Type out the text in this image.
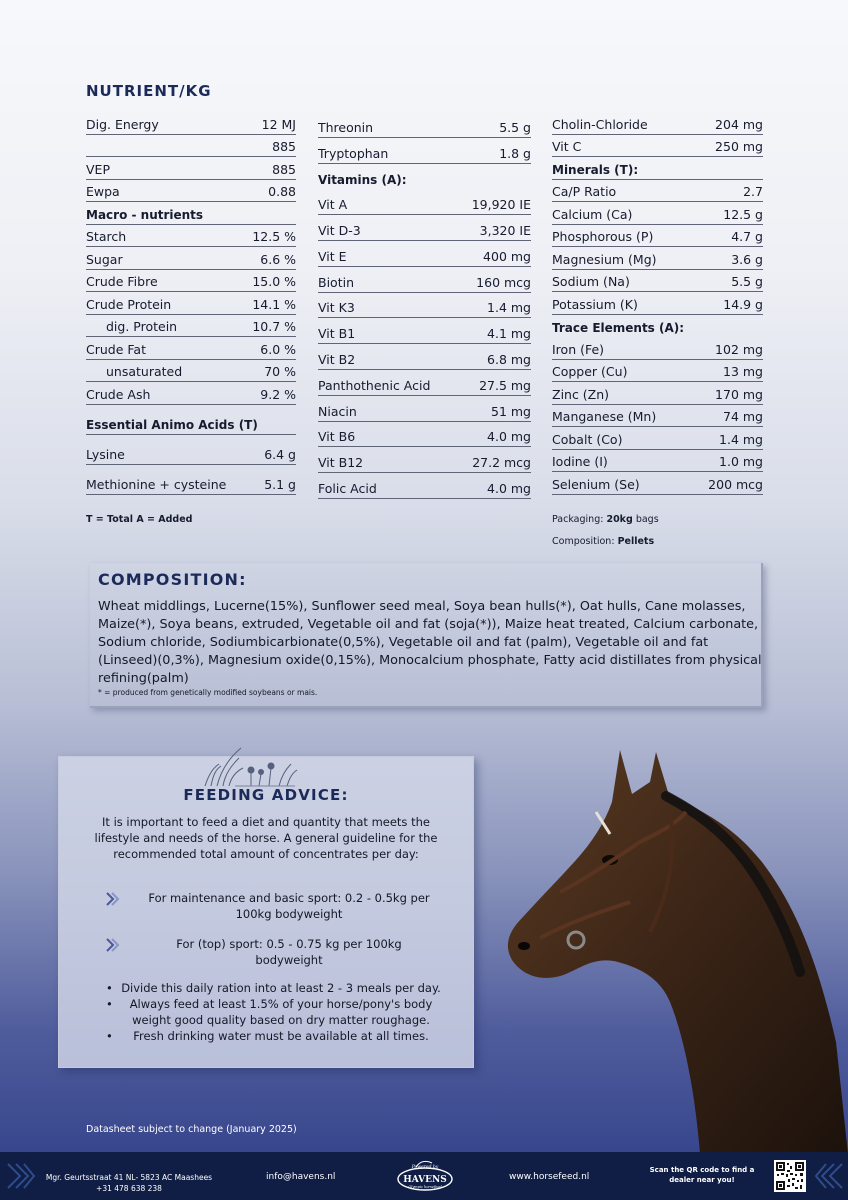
NUTRIENT/KG
Dig. Energy	12 MJ
885
VEP	885
Ewpa	0.88
Macro - nutrients
Starch	12.5 %
Sugar	6.6 %
Crude Fibre	15.0 %
Crude Protein	14.1 %
dig. Protein	10.7 %
Crude Fat	6.0 %
unsaturated	70 %
Crude Ash	9.2 %
Essential Animo Acids (T)
Lysine	6.4 g
Methionine + cysteine	5.1 g
Threonin	5.5 g
Tryptophan	1.8 g
Vitamins (A):
Vit A	19,920 IE
Vit D-3	3,320 IE
Vit E	400 mg
Biotin	160 mcg
Vit K3	1.4 mg
Vit B1	4.1 mg
Vit B2	6.8 mg
Panthothenic Acid	27.5 mg
Niacin	51 mg
Vit B6	4.0 mg
Vit B12	27.2 mcg
Folic Acid	4.0 mg
Cholin-Chloride	204 mg
Vit C	250 mg
Minerals (T):
Ca/P Ratio	2.7
Calcium (Ca)	12.5 g
Phosphorous (P)	4.7 g
Magnesium (Mg)	3.6 g
Sodium (Na)	5.5 g
Potassium (K)	14.9 g
Trace Elements (A):
Iron (Fe)	102 mg
Copper (Cu)	13 mg
Zinc (Zn)	170 mg
Manganese (Mn)	74 mg
Cobalt (Co)	1.4 mg
Iodine (I)	1.0 mg
Selenium (Se)	200 mcg
T = Total A = Added	Packaging: 20kg bags
Composition: Pellets
COMPOSITION:
Wheat middlings, Lucerne(15%), Sunflower seed meal, Soya bean hulls(*), Oat hulls, Cane molasses, Maize(*), Soya beans, extruded, Vegetable oil and fat (soja(*)), Maize heat treated, Calcium carbonate, Sodium chloride, Sodiumbicarbionate(0,5%), Vegetable oil and fat (palm), Vegetable oil and fat (Linseed)(0,3%), Magnesium oxide(0,15%), Monocalcium phosphate, Fatty acid distillates from physical refining(palm)
* = produced from genetically modified soybeans or mais.
FEEDING ADVICE:
It is important to feed a diet and quantity that meets the lifestyle and needs of the horse. A general guideline for the recommended total amount of concentrates per day:
For maintenance and basic sport: 0.2 - 0.5kg per 100kg bodyweight
For (top) sport: 0.5 - 0.75 kg per 100kg bodyweight
• Divide this daily ration into at least 2 - 3 meals per day.
• Always feed at least 1.5% of your horse/pony's body weight good quality based on dry matter roughage.
• Fresh drinking water must be available at all times.
Datasheet subject to change (January 2025)
Mgr. Geurtsstraat 41 NL- 5823 AC Maashees
+31 478 638 238
info@havens.nl
Powered by
HAVENS
Olympic horsefeed
www.horsefeed.nl
Scan the QR code to find a dealer near you!
